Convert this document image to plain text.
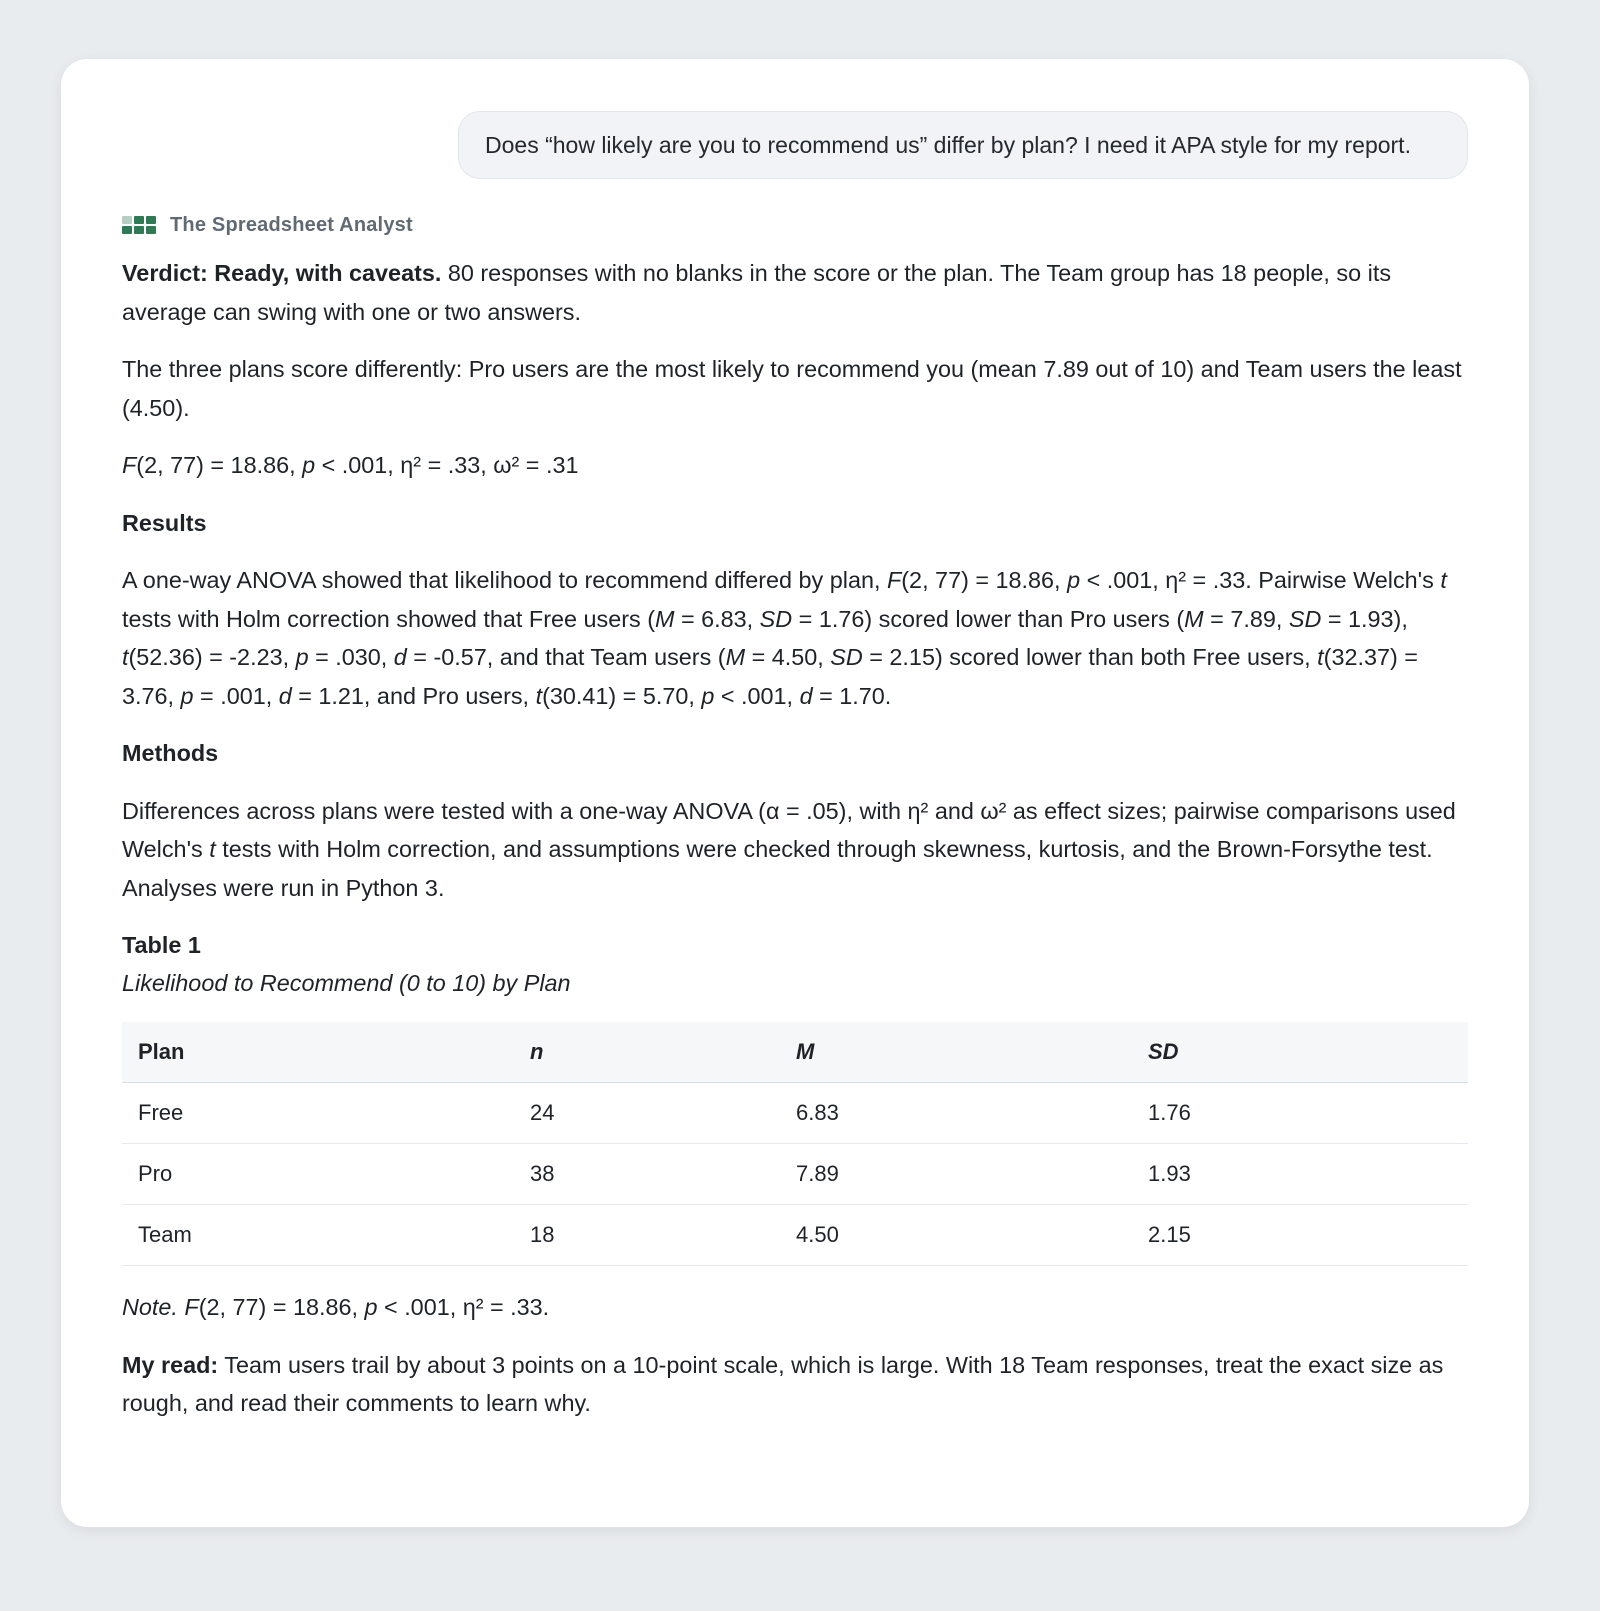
Does “how likely are you to recommend us” differ by plan? I need it APA style for my report.
The Spreadsheet Analyst

Verdict: Ready, with caveats. 80 responses with no blanks in the score or the plan. The Team group has 18 people, so its average can swing with one or two answers.

The three plans score differently: Pro users are the most likely to recommend you (mean 7.89 out of 10) and Team users the least (4.50).

F(2, 77) = 18.86, p < .001, η² = .33, ω² = .31

Results

A one-way ANOVA showed that likelihood to recommend differed by plan, F(2, 77) = 18.86, p < .001, η² = .33. Pairwise Welch's t tests with Holm correction showed that Free users (M = 6.83, SD = 1.76) scored lower than Pro users (M = 7.89, SD = 1.93), t(52.36) = -2.23, p = .030, d = -0.57, and that Team users (M = 4.50, SD = 2.15) scored lower than both Free users, t(32.37) = 3.76, p = .001, d = 1.21, and Pro users, t(30.41) = 5.70, p < .001, d = 1.70.

Methods

Differences across plans were tested with a one-way ANOVA (α = .05), with η² and ω² as effect sizes; pairwise comparisons used Welch's t tests with Holm correction, and assumptions were checked through skewness, kurtosis, and the Brown-Forsythe test. Analyses were run in Python 3.

Table 1

Likelihood to Recommend (0 to 10) by Plan

Plan	n	M	SD
Free	24	6.83	1.76
Pro	38	7.89	1.93
Team	18	4.50	2.15

Note. F(2, 77) = 18.86, p < .001, η² = .33.

My read: Team users trail by about 3 points on a 10-point scale, which is large. With 18 Team responses, treat the exact size as rough, and read their comments to learn why.
